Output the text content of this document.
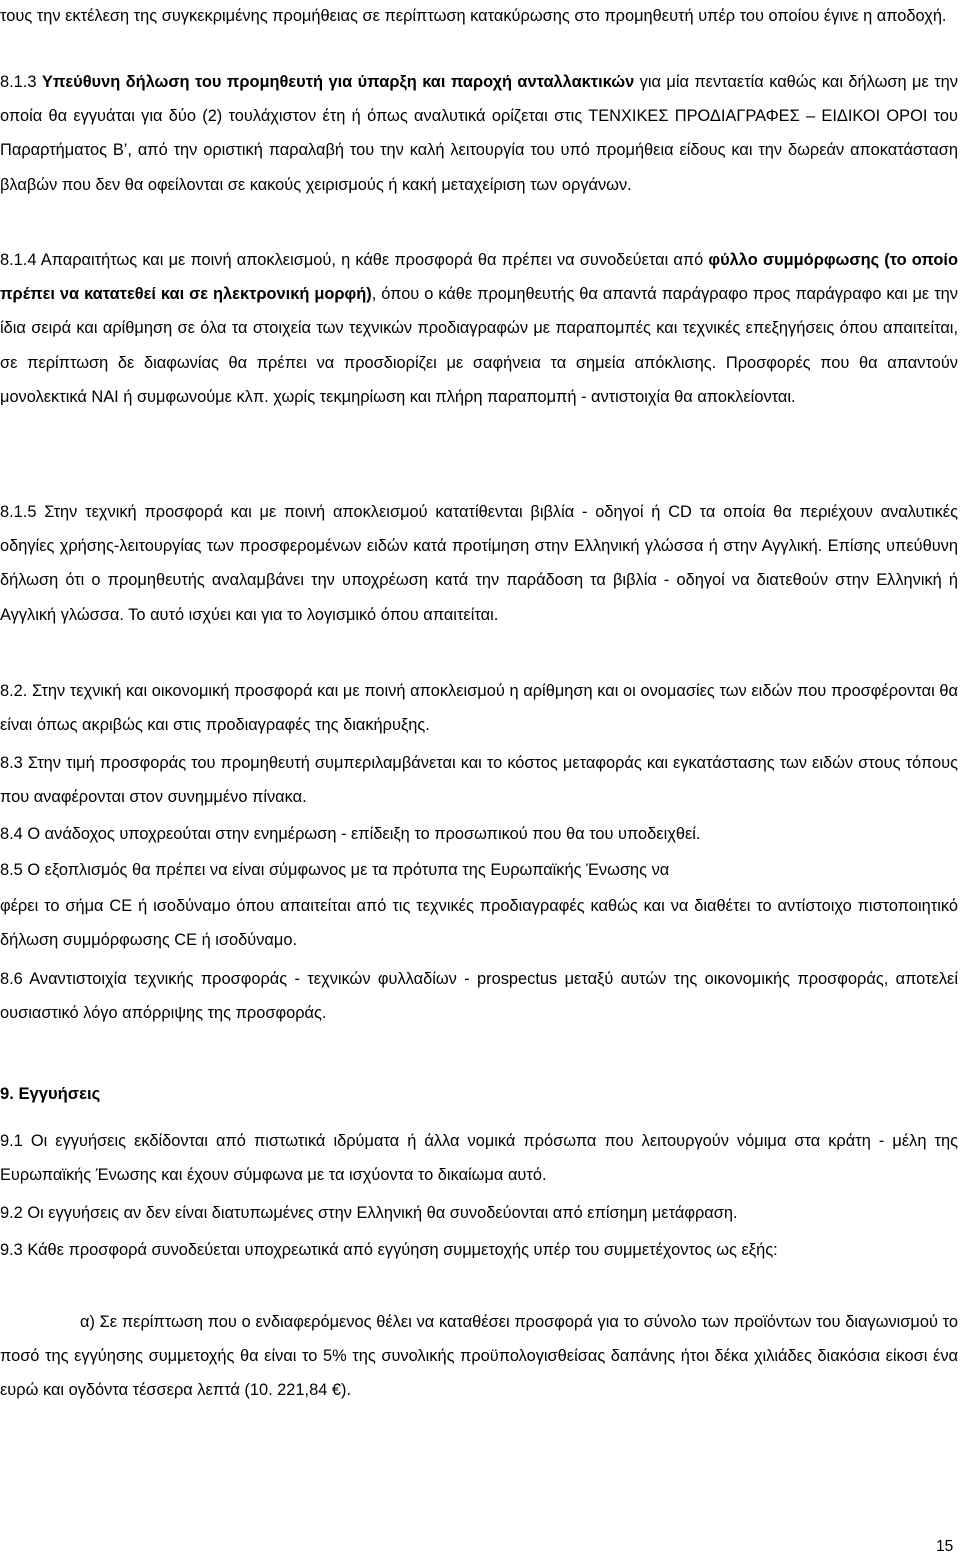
τους την εκτέλεση της συγκεκριμένης προμήθειας σε περίπτωση κατακύρωσης στο προμηθευτή υπέρ του οποίου έγινε η αποδοχή.

8.1.3 Υπεύθυνη δήλωση του προμηθευτή για ύπαρξη και παροχή ανταλλακτικών για μία πενταετία καθώς και δήλωση με την οποία θα εγγυάται για δύο (2) τουλάχιστον έτη ή όπως αναλυτικά ορίζεται στις ΤΕΝΧΙΚΕΣ ΠΡΟΔΙΑΓΡΑΦΕΣ – ΕΙΔΙΚΟΙ ΟΡΟΙ του Παραρτήματος Β’, από την οριστική παραλαβή του την καλή λειτουργία του υπό προμήθεια είδους και την δωρεάν αποκατάσταση βλαβών που δεν θα οφείλονται σε κακούς χειρισμούς ή κακή μεταχείριση των οργάνων.

8.1.4 Απαραιτήτως και με ποινή αποκλεισμού, η κάθε προσφορά θα πρέπει να συνοδεύεται από φύλλο συμμόρφωσης (το οποίο πρέπει να κατατεθεί και σε ηλεκτρονική μορφή), όπου ο κάθε προμηθευτής θα απαντά παράγραφο προς παράγραφο και με την ίδια σειρά και αρίθμηση σε όλα τα στοιχεία των τεχνικών προδιαγραφών με παραπομπές και τεχνικές επεξηγήσεις όπου απαιτείται, σε περίπτωση δε διαφωνίας θα πρέπει να προσδιορίζει με σαφήνεια τα σημεία απόκλισης. Προσφορές που θα απαντούν μονολεκτικά ΝΑΙ ή συμφωνούμε κλπ. χωρίς τεκμηρίωση και πλήρη παραπομπή - αντιστοιχία θα αποκλείονται.

8.1.5 Στην τεχνική προσφορά και με ποινή αποκλεισμού κατατίθενται βιβλία - οδηγοί ή CD τα οποία θα περιέχουν αναλυτικές οδηγίες χρήσης-λειτουργίας των προσφερομένων ειδών κατά προτίμηση στην Ελληνική γλώσσα ή στην Αγγλική. Επίσης υπεύθυνη δήλωση ότι ο προμηθευτής αναλαμβάνει την υποχρέωση κατά την παράδοση τα βιβλία - οδηγοί να διατεθούν στην Ελληνική ή Αγγλική γλώσσα. Το αυτό ισχύει και για το λογισμικό όπου απαιτείται.

8.2. Στην τεχνική και οικονομική προσφορά και με ποινή αποκλεισμού η αρίθμηση και οι ονομασίες των ειδών που προσφέρονται θα είναι όπως ακριβώς και στις προδιαγραφές της διακήρυξης.

8.3 Στην τιμή προσφοράς του προμηθευτή συμπεριλαμβάνεται και το κόστος μεταφοράς και εγκατάστασης των ειδών στους τόπους που αναφέρονται στον συνημμένο πίνακα.

8.4 Ο ανάδοχος υποχρεούται στην ενημέρωση - επίδειξη το προσωπικού που θα του υποδειχθεί.

8.5 Ο εξοπλισμός θα πρέπει να είναι σύμφωνος με τα πρότυπα της Ευρωπαϊκής Ένωσης να

φέρει το σήμα CE ή ισοδύναμο όπου απαιτείται από τις τεχνικές προδιαγραφές καθώς και να διαθέτει το αντίστοιχο πιστοποιητικό δήλωση συμμόρφωσης CE ή ισοδύναμο.

8.6 Αναντιστοιχία τεχνικής προσφοράς - τεχνικών φυλλαδίων - prospectus μεταξύ αυτών της οικονομικής προσφοράς, αποτελεί ουσιαστικό λόγο απόρριψης της προσφοράς.

9. Εγγυήσεις

9.1 Οι εγγυήσεις εκδίδονται από πιστωτικά ιδρύματα ή άλλα νομικά πρόσωπα που λειτουργούν νόμιμα στα κράτη - μέλη της Ευρωπαϊκής Ένωσης και έχουν σύμφωνα με τα ισχύοντα το δικαίωμα αυτό.

9.2 Οι εγγυήσεις αν δεν είναι διατυπωμένες στην Ελληνική θα συνοδεύονται από επίσημη μετάφραση.

9.3 Κάθε προσφορά συνοδεύεται υποχρεωτικά από εγγύηση συμμετοχής υπέρ του συμμετέχοντος ως εξής:

α) Σε περίπτωση που ο ενδιαφερόμενος θέλει να καταθέσει προσφορά για το σύνολο των προϊόντων του διαγωνισμού το ποσό της εγγύησης συμμετοχής θα είναι το 5% της συνολικής προϋπολογισθείσας δαπάνης ήτοι δέκα χιλιάδες διακόσια είκοσι ένα ευρώ και ογδόντα τέσσερα λεπτά (10. 221,84 €).

15
